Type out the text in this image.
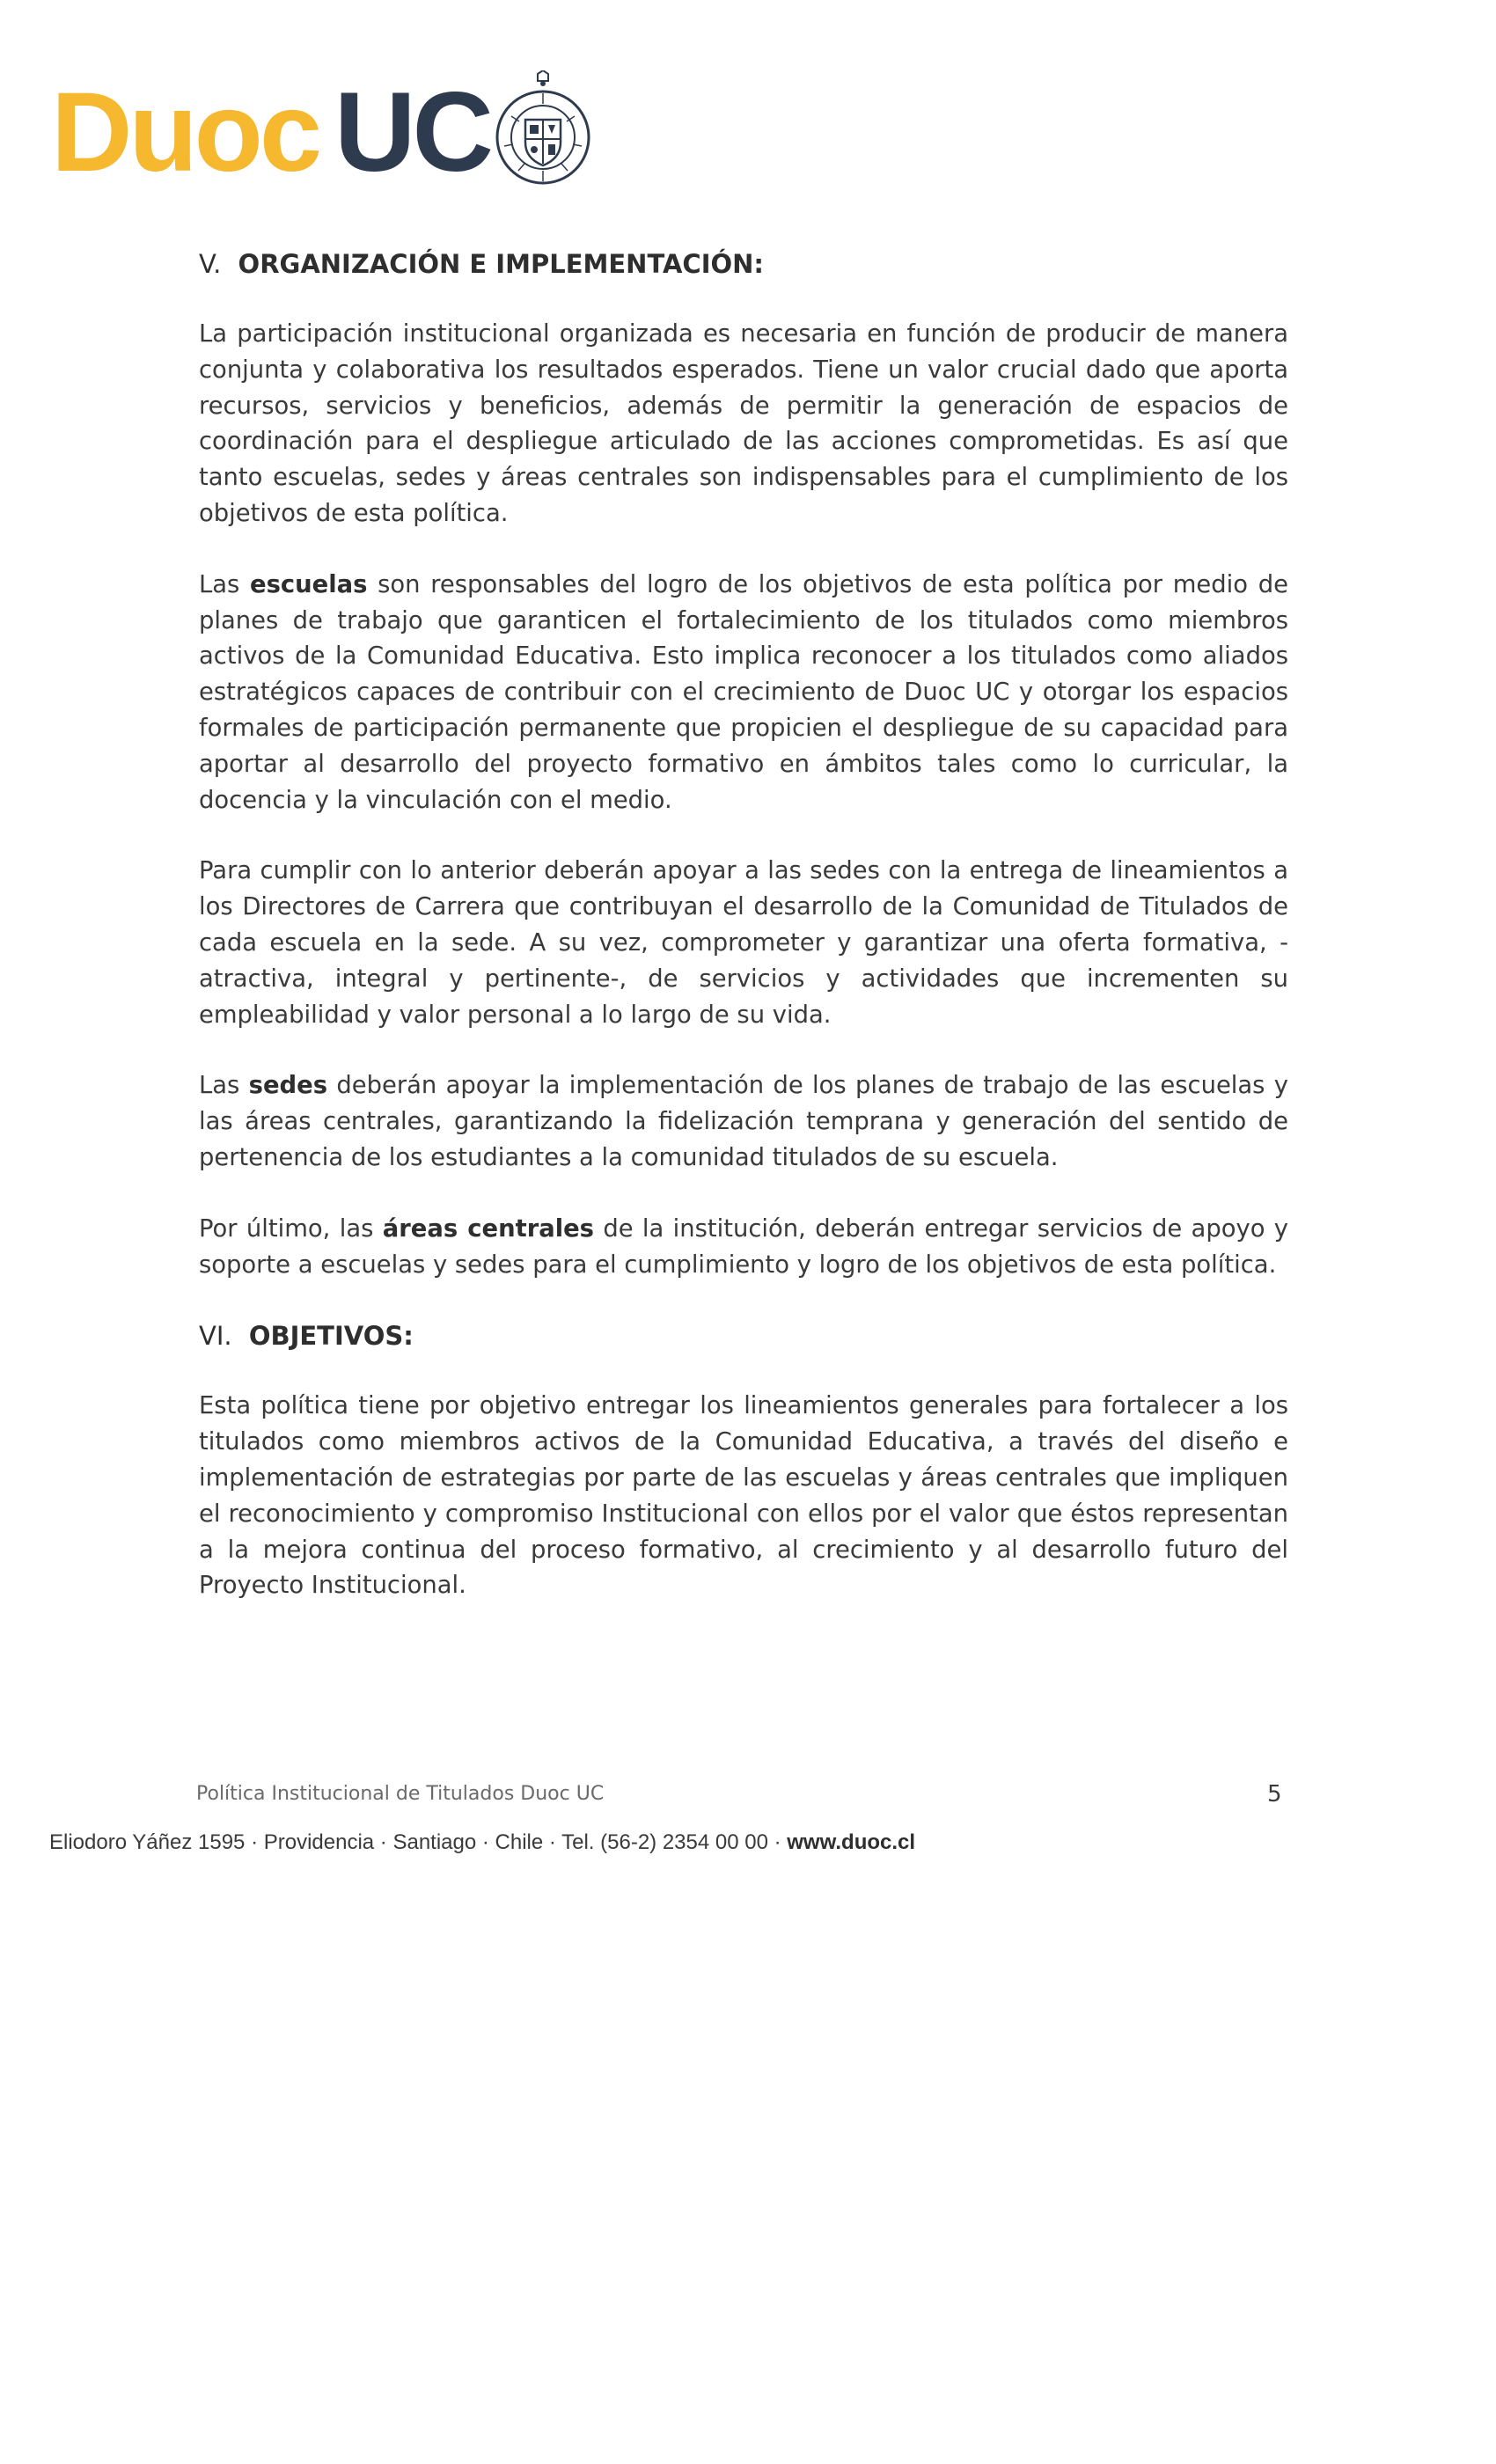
Duoc UC
V. ORGANIZACIÓN E IMPLEMENTACIÓN:

La participación institucional organizada es necesaria en función de producir de manera conjunta y colaborativa los resultados esperados. Tiene un valor crucial dado que aporta recursos, servicios y beneficios, además de permitir la generación de espacios de coordinación para el despliegue articulado de las acciones comprometidas. Es así que tanto escuelas, sedes y áreas centrales son indispensables para el cumplimiento de los objetivos de esta política.

Las escuelas son responsables del logro de los objetivos de esta política por medio de planes de trabajo que garanticen el fortalecimiento de los titulados como miembros activos de la Comunidad Educativa. Esto implica reconocer a los titulados como aliados estratégicos capaces de contribuir con el crecimiento de Duoc UC y otorgar los espacios formales de participación permanente que propicien el despliegue de su capacidad para aportar al desarrollo del proyecto formativo en ámbitos tales como lo curricular, la docencia y la vinculación con el medio.

Para cumplir con lo anterior deberán apoyar a las sedes con la entrega de lineamientos a los Directores de Carrera que contribuyan el desarrollo de la Comunidad de Titulados de cada escuela en la sede. A su vez, comprometer y garantizar una oferta formativa, -atractiva, integral y pertinente-, de servicios y actividades que incrementen su empleabilidad y valor personal a lo largo de su vida.

Las sedes deberán apoyar la implementación de los planes de trabajo de las escuelas y las áreas centrales, garantizando la fidelización temprana y generación del sentido de pertenencia de los estudiantes a la comunidad titulados de su escuela.

Por último, las áreas centrales de la institución, deberán entregar servicios de apoyo y soporte a escuelas y sedes para el cumplimiento y logro de los objetivos de esta política.

VI. OBJETIVOS:

Esta política tiene por objetivo entregar los lineamientos generales para fortalecer a los titulados como miembros activos de la Comunidad Educativa, a través del diseño e implementación de estrategias por parte de las escuelas y áreas centrales que impliquen el reconocimiento y compromiso Institucional con ellos por el valor que éstos representan a la mejora continua del proceso formativo, al crecimiento y al desarrollo futuro del Proyecto Institucional.

Política Institucional de Titulados Duoc UC	5
Eliodoro Yáñez 1595 · Providencia · Santiago · Chile · Tel. (56-2) 2354 00 00 · www.duoc.cl
